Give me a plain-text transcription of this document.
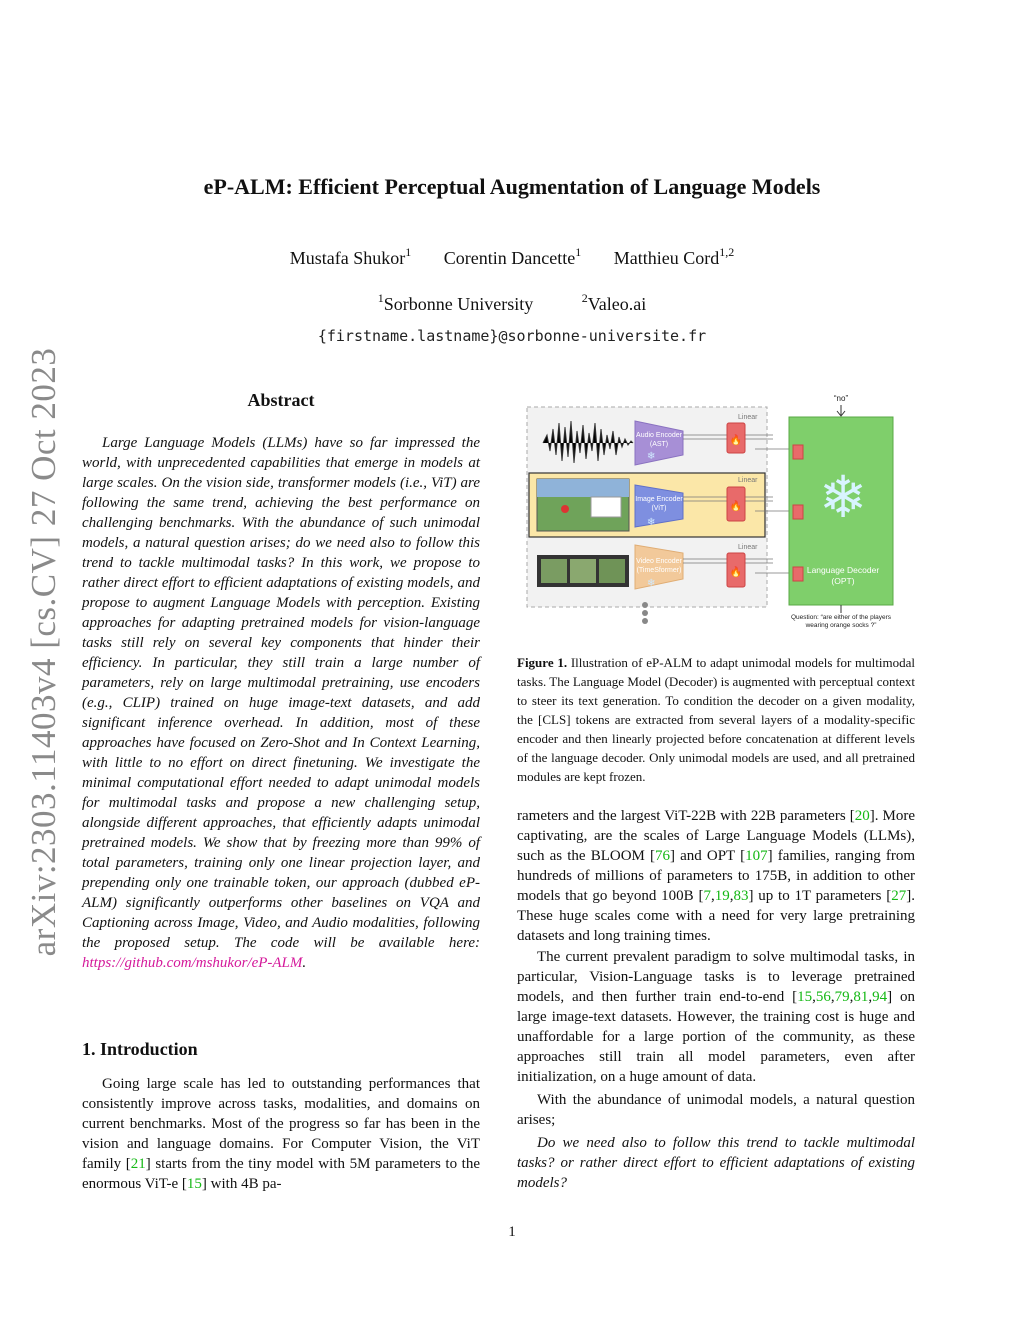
arXiv:2303.11403v4 [cs.CV] 27 Oct 2023
eP-ALM: Efficient Perceptual Augmentation of Language Models
Mustafa Shukor$^1$ Corentin Dancette$^1$ Matthieu Cord$^{1,2}$
$^1$Sorbonne University	$^2$Valeo.ai
{firstname.lastname}@sorbonne-universite.fr
Abstract

Large Language Models (LLMs) have so far impressed the world, with unprecedented capabilities that emerge in models at large scales. On the vision side, transformer models (i.e., ViT) are following the same trend, achieving the best performance on challenging benchmarks. With the abundance of such unimodal models, a natural question arises; do we need also to follow this trend to tackle multimodal tasks? In this work, we propose to rather direct effort to efficient adaptations of existing models, and propose to augment Language Models with perception. Existing approaches for adapting pretrained models for vision-language tasks still rely on several key components that hinder their efficiency. In particular, they still train a large number of parameters, rely on large multimodal pretraining, use encoders (e.g., CLIP) trained on huge image-text datasets, and add significant inference overhead. In addition, most of these approaches have focused on Zero-Shot and In Context Learning, with little to no effort on direct finetuning. We investigate the minimal computational effort needed to adapt unimodal models for multimodal tasks and propose a new challenging setup, alongside different approaches, that efficiently adapts unimodal pretrained models. We show that by freezing more than 99% of total parameters, training only one linear projection layer, and prepending only one trainable token, our approach (dubbed eP-ALM) significantly outperforms other baselines on VQA and Captioning across Image, Video, and Audio modalities, following the proposed setup. The code will be available here: https://github.com/mshukor/eP-ALM.

1. Introduction

Going large scale has led to outstanding performances that consistently improve across tasks, modalities, and domains on current benchmarks. Most of the progress so far has been in the vision and language domains. For Computer Vision, the ViT family [21] starts from the tiny model with 5M parameters to the enormous ViT-e [15] with 4B pa-

“no”
Audio Encoder
(AST)
❄
Image Encoder
(ViT)
❄
Video Encoder
(TimeSformer)
❄
Linear
🔥
Linear
🔥
Linear
🔥
❄
Language Decoder
(OPT)
Question: “are either of the players
wearing orange socks ?”

Figure 1. Illustration of eP-ALM to adapt unimodal models for multimodal tasks. The Language Model (Decoder) is augmented with perceptual context to steer its text generation. To condition the decoder on a given modality, the [CLS] tokens are extracted from several layers of a modality-specific encoder and then linearly projected before concatenation at different levels of the language decoder. Only unimodal models are used, and all pretrained modules are kept frozen.

rameters and the largest ViT-22B with 22B parameters [20]. More captivating, are the scales of Large Language Models (LLMs), such as the BLOOM [76] and OPT [107] families, ranging from hundreds of millions of parameters to 175B, in addition to other models that go beyond 100B [7,19,83] up to 1T parameters [27]. These huge scales come with a need for very large pretraining datasets and long training times.

The current prevalent paradigm to solve multimodal tasks, in particular, Vision-Language tasks is to leverage pretrained models, and then further train end-to-end [15,56,79,81,94] on large image-text datasets. However, the training cost is huge and unaffordable for a large portion of the community, as these approaches still train all model parameters, even after initialization, on a huge amount of data.

With the abundance of unimodal models, a natural question arises;

Do we need also to follow this trend to tackle multimodal tasks? or rather direct effort to efficient adaptations of existing models?

1
